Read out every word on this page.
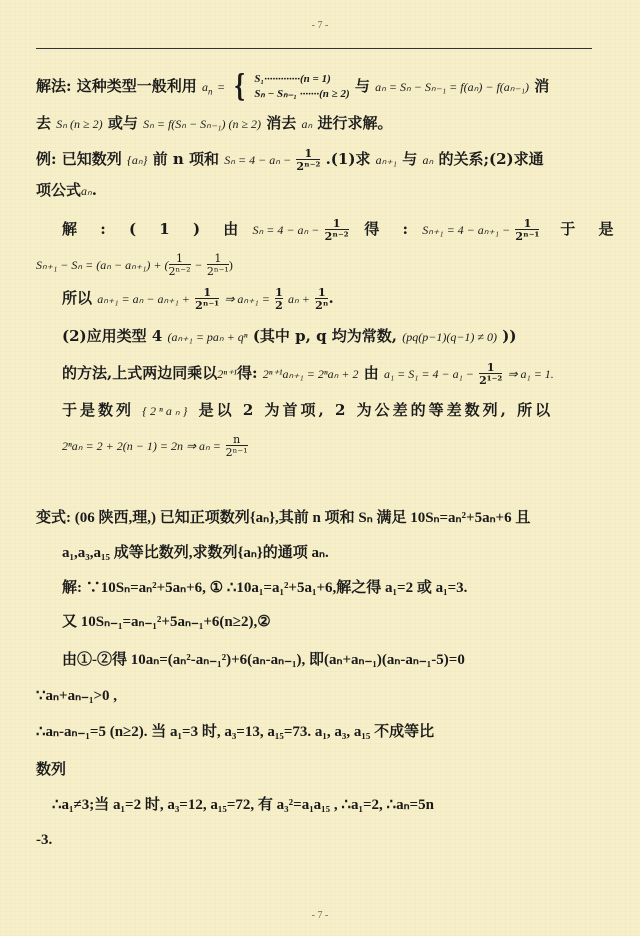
- 7 -
解法: 这种类型一般利用 $a_n$ = { S₁·············(n = 1)
Sₙ − Sₙ₋₁ ·······(n ≥ 2) 与 aₙ = Sₙ − Sₙ₋₁ = f(aₙ) − f(aₙ₋₁) 消
去 Sₙ (n ≥ 2) 或与 Sₙ = f(Sₙ − Sₙ₋₁) (n ≥ 2) 消去 aₙ 进行求解。
例: 已知数列 {aₙ} 前 n 项和 $S_n = 4 - a_n - \frac{1}{\text{2ⁿ⁻²}} .(1)$求 aₙ₊₁ 与 aₙ 的关系;(2)求通
项公式aₙ.
解 : ( 1 ) 由 $S_n = 4 - a_n - \frac{1}{\text{2ⁿ⁻²}}$ 得 : $S_{n+1} = 4 - a_{n+1} - \frac{1}{\text{2ⁿ⁻¹}}$ 于 是
Sₙ₊₁ − Sₙ = (aₙ − aₙ₊₁) + ( $\frac{1}{\text{2ⁿ⁻²}} - \frac{1}{\text{2ⁿ⁻¹}}$ )
所以 $a_{n+1} = a_n - a_{n+1} + \frac{1}{\text{2ⁿ⁻¹}}$ ⇒ $a_{n+1} = \frac{1}{2}$ $a_n + \frac{1}{\text{2ⁿ}}$ .
(2)应用类型 4 (aₙ₊₁ = paₙ + qⁿ (其中 p, q 均为常数, (pq(p−1)(q−1) ≠ 0) ))
的方法,上式两边同乘以2ⁿ⁺¹得: 2ⁿ⁺¹aₙ₊₁ = 2ⁿaₙ + 2 由 $a_1 = S_1 = 4 - a_1 - \frac{1}{\text{2¹⁻²}}$ ⇒ a₁ = 1.
于是数列 {2ⁿaₙ} 是以 2 为首项, 2 为公差的等差数列, 所以
2ⁿaₙ = 2 + 2(n − 1) = 2n ⇒ $a_n = \frac{n}{\text{2ⁿ⁻¹}}$
变式: (06 陕西,理,) 已知正项数列{aₙ},其前 n 项和 Sₙ 满足 10Sₙ=aₙ²+5aₙ+6 且
a₁,a₃,a₁₅ 成等比数列,求数列{aₙ}的通项 aₙ.
解: ∵10Sₙ=aₙ²+5aₙ+6, ① ∴10a₁=a₁²+5a₁+6,解之得 a₁=2 或 a₁=3.
又 10Sₙ₋₁=aₙ₋₁²+5aₙ₋₁+6(n≥2),②
由①-②得 10aₙ=(aₙ²-aₙ₋₁²)+6(aₙ-aₙ₋₁), 即(aₙ+aₙ₋₁)(aₙ-aₙ₋₁-5)=0
∵aₙ+aₙ₋₁>0 ,
∴aₙ-aₙ₋₁=5 (n≥2). 当 a₁=3 时, a₃=13, a₁₅=73. a₁, a₃, a₁₅ 不成等比
数列
∴a₁≠3;当 a₁=2 时, a₃=12, a₁₅=72, 有 a₃²=a₁a₁₅ , ∴a₁=2, ∴aₙ=5n
-3.
- 7 -
